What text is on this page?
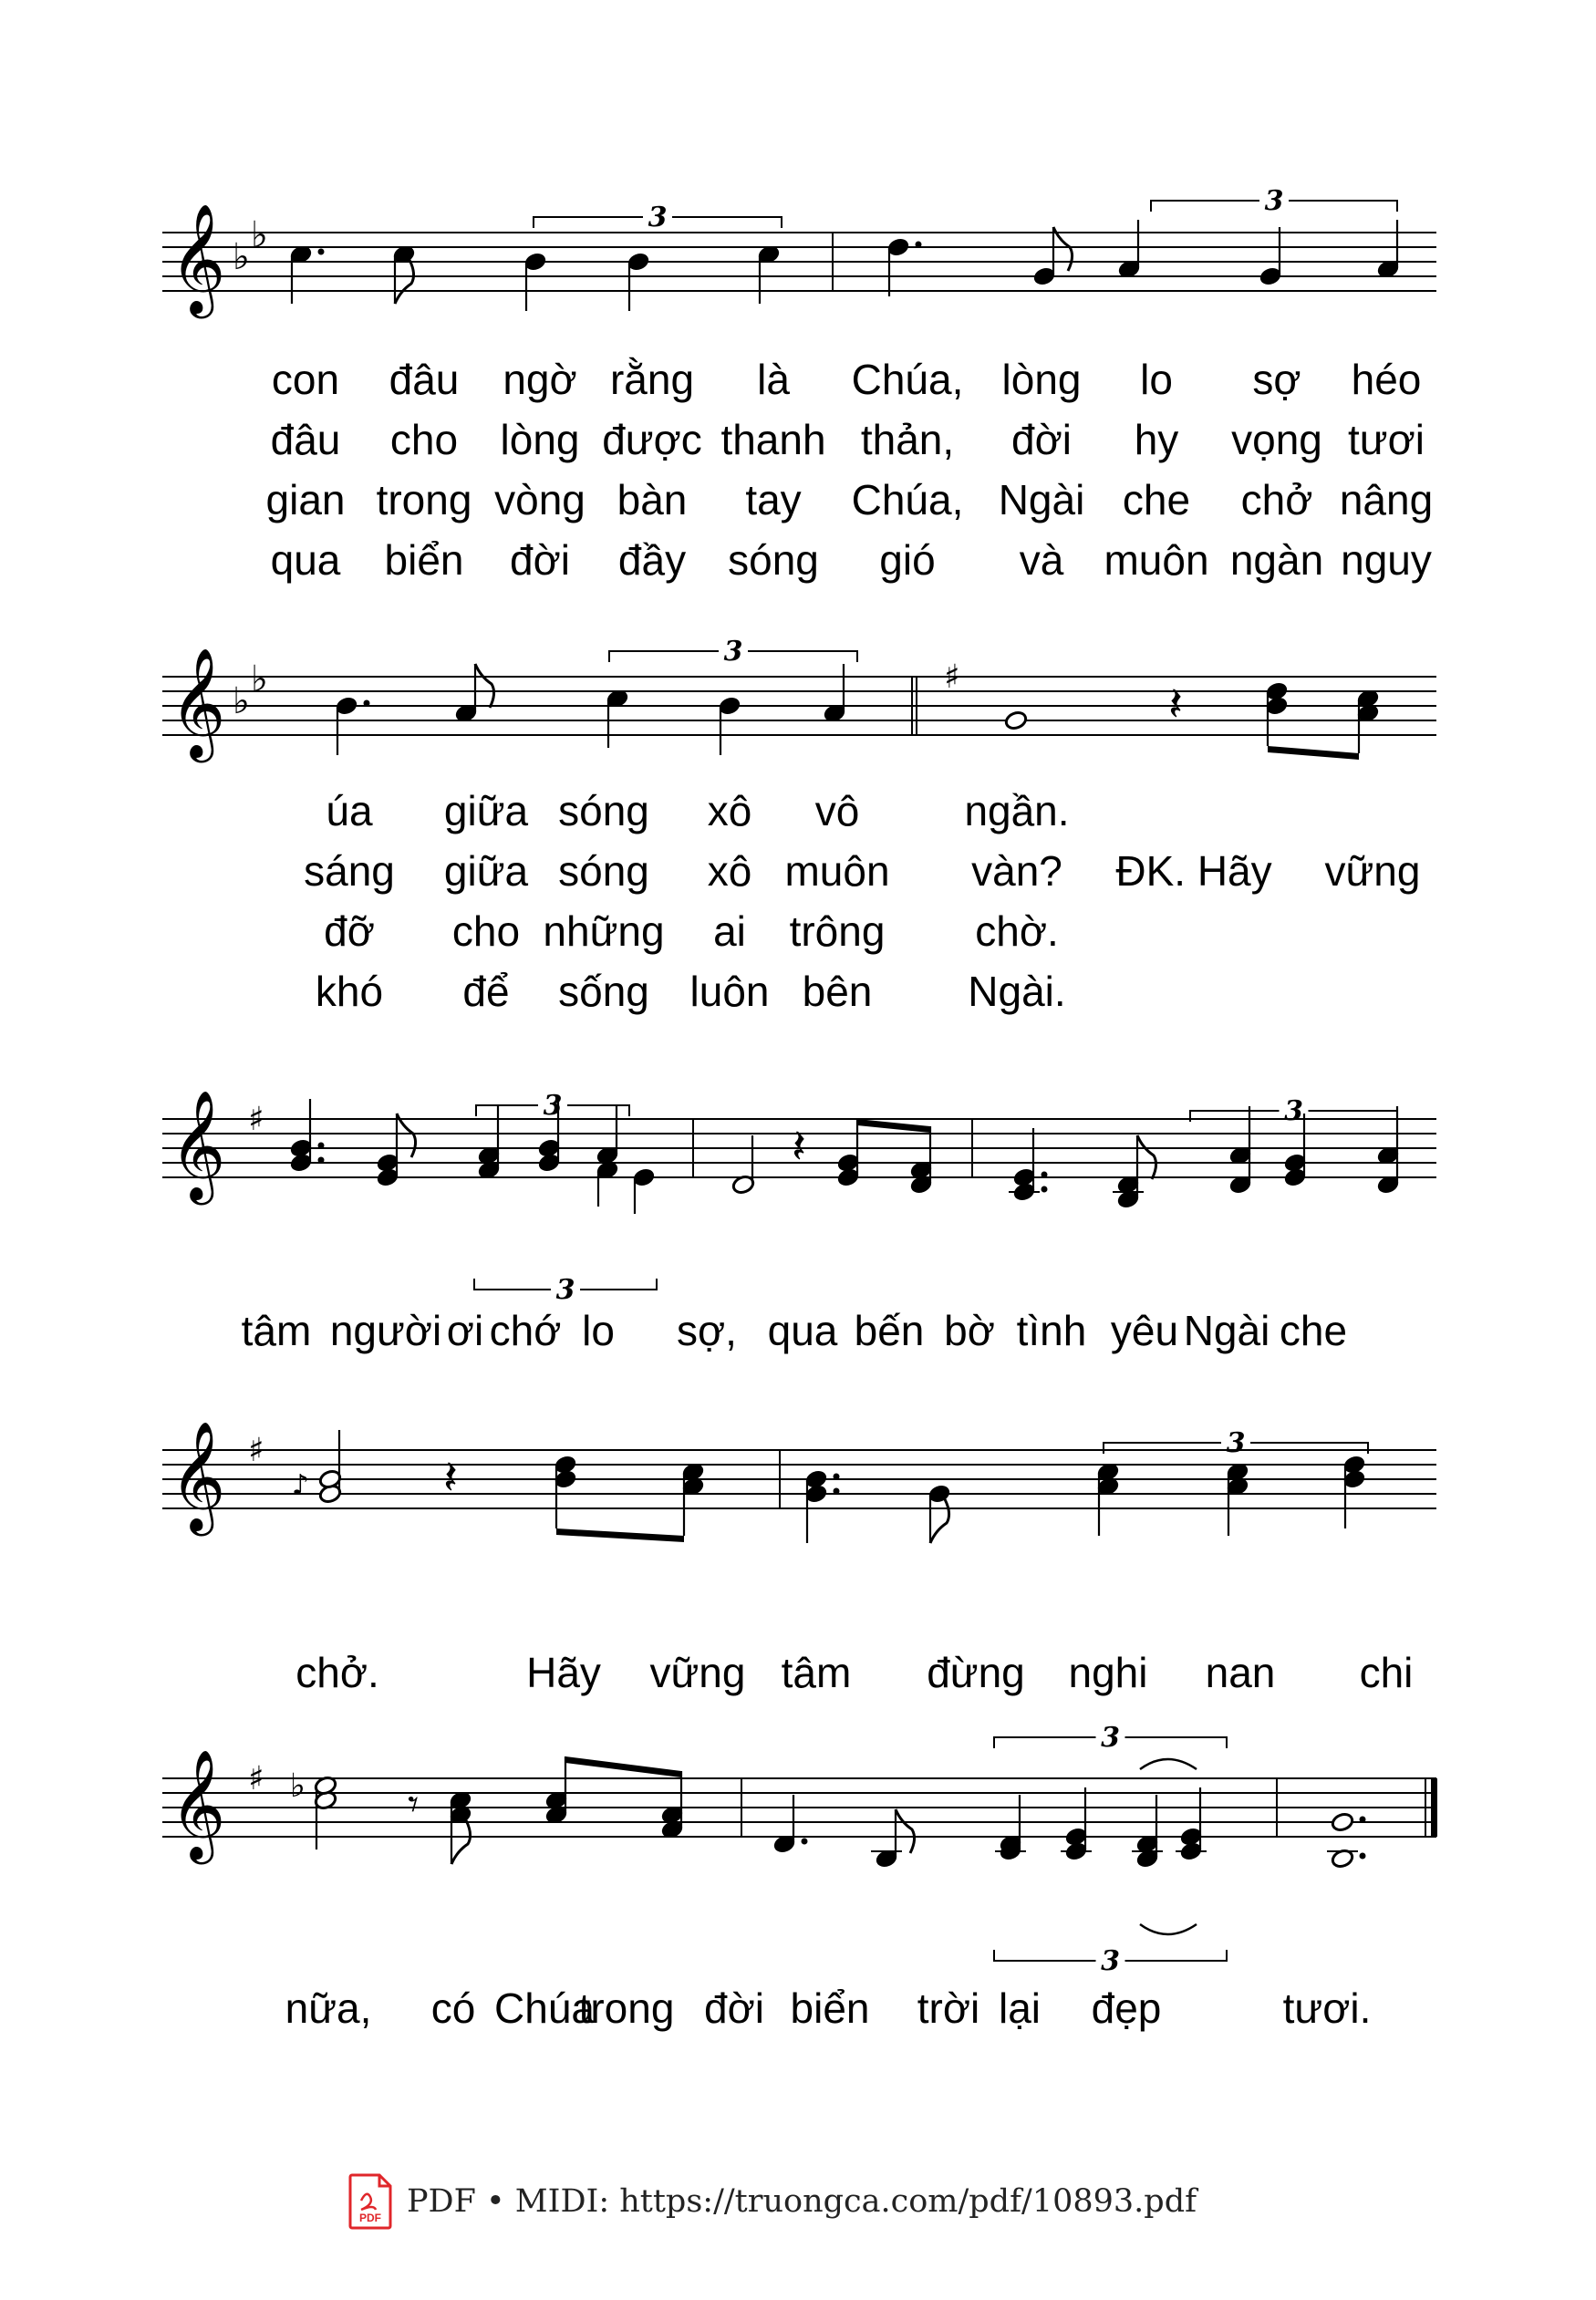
𝄞 ♭
♭	3
3
con đâu ngờ rằng là Chúa, lòng lo sợ héo
đâu cho lòng được thanh thản, đời hy vọng tươi
gian trong vòng bàn tay Chúa, Ngài che chở nâng
qua biển đời đầy sóng gió và muôn ngàn nguy
𝄞 ♭
♭
3
♯
𝄽
úa giữa sóng xô vô	ngần.
sáng giữa sóng xô muôn vàn? ĐK. Hãy vững
đỡ cho những ai trông chờ.
khó để sống luôn bên Ngài.
𝄞 ♯	3
3
𝄽
3
tâm người ơi chớ lo sợ, qua bến bờ tình yêu Ngài che
𝄞 ♯
♪	𝄽
3
chở.	Hãy vững tâm đừng nghi nan chi
𝄞 ♯ ♭ 𝄾
3
3
nữa, có Chúa
trong đời biển trời lại đẹp	tươi.
PDF PDF • MIDI: https://truongca.com/pdf/10893.pdf
